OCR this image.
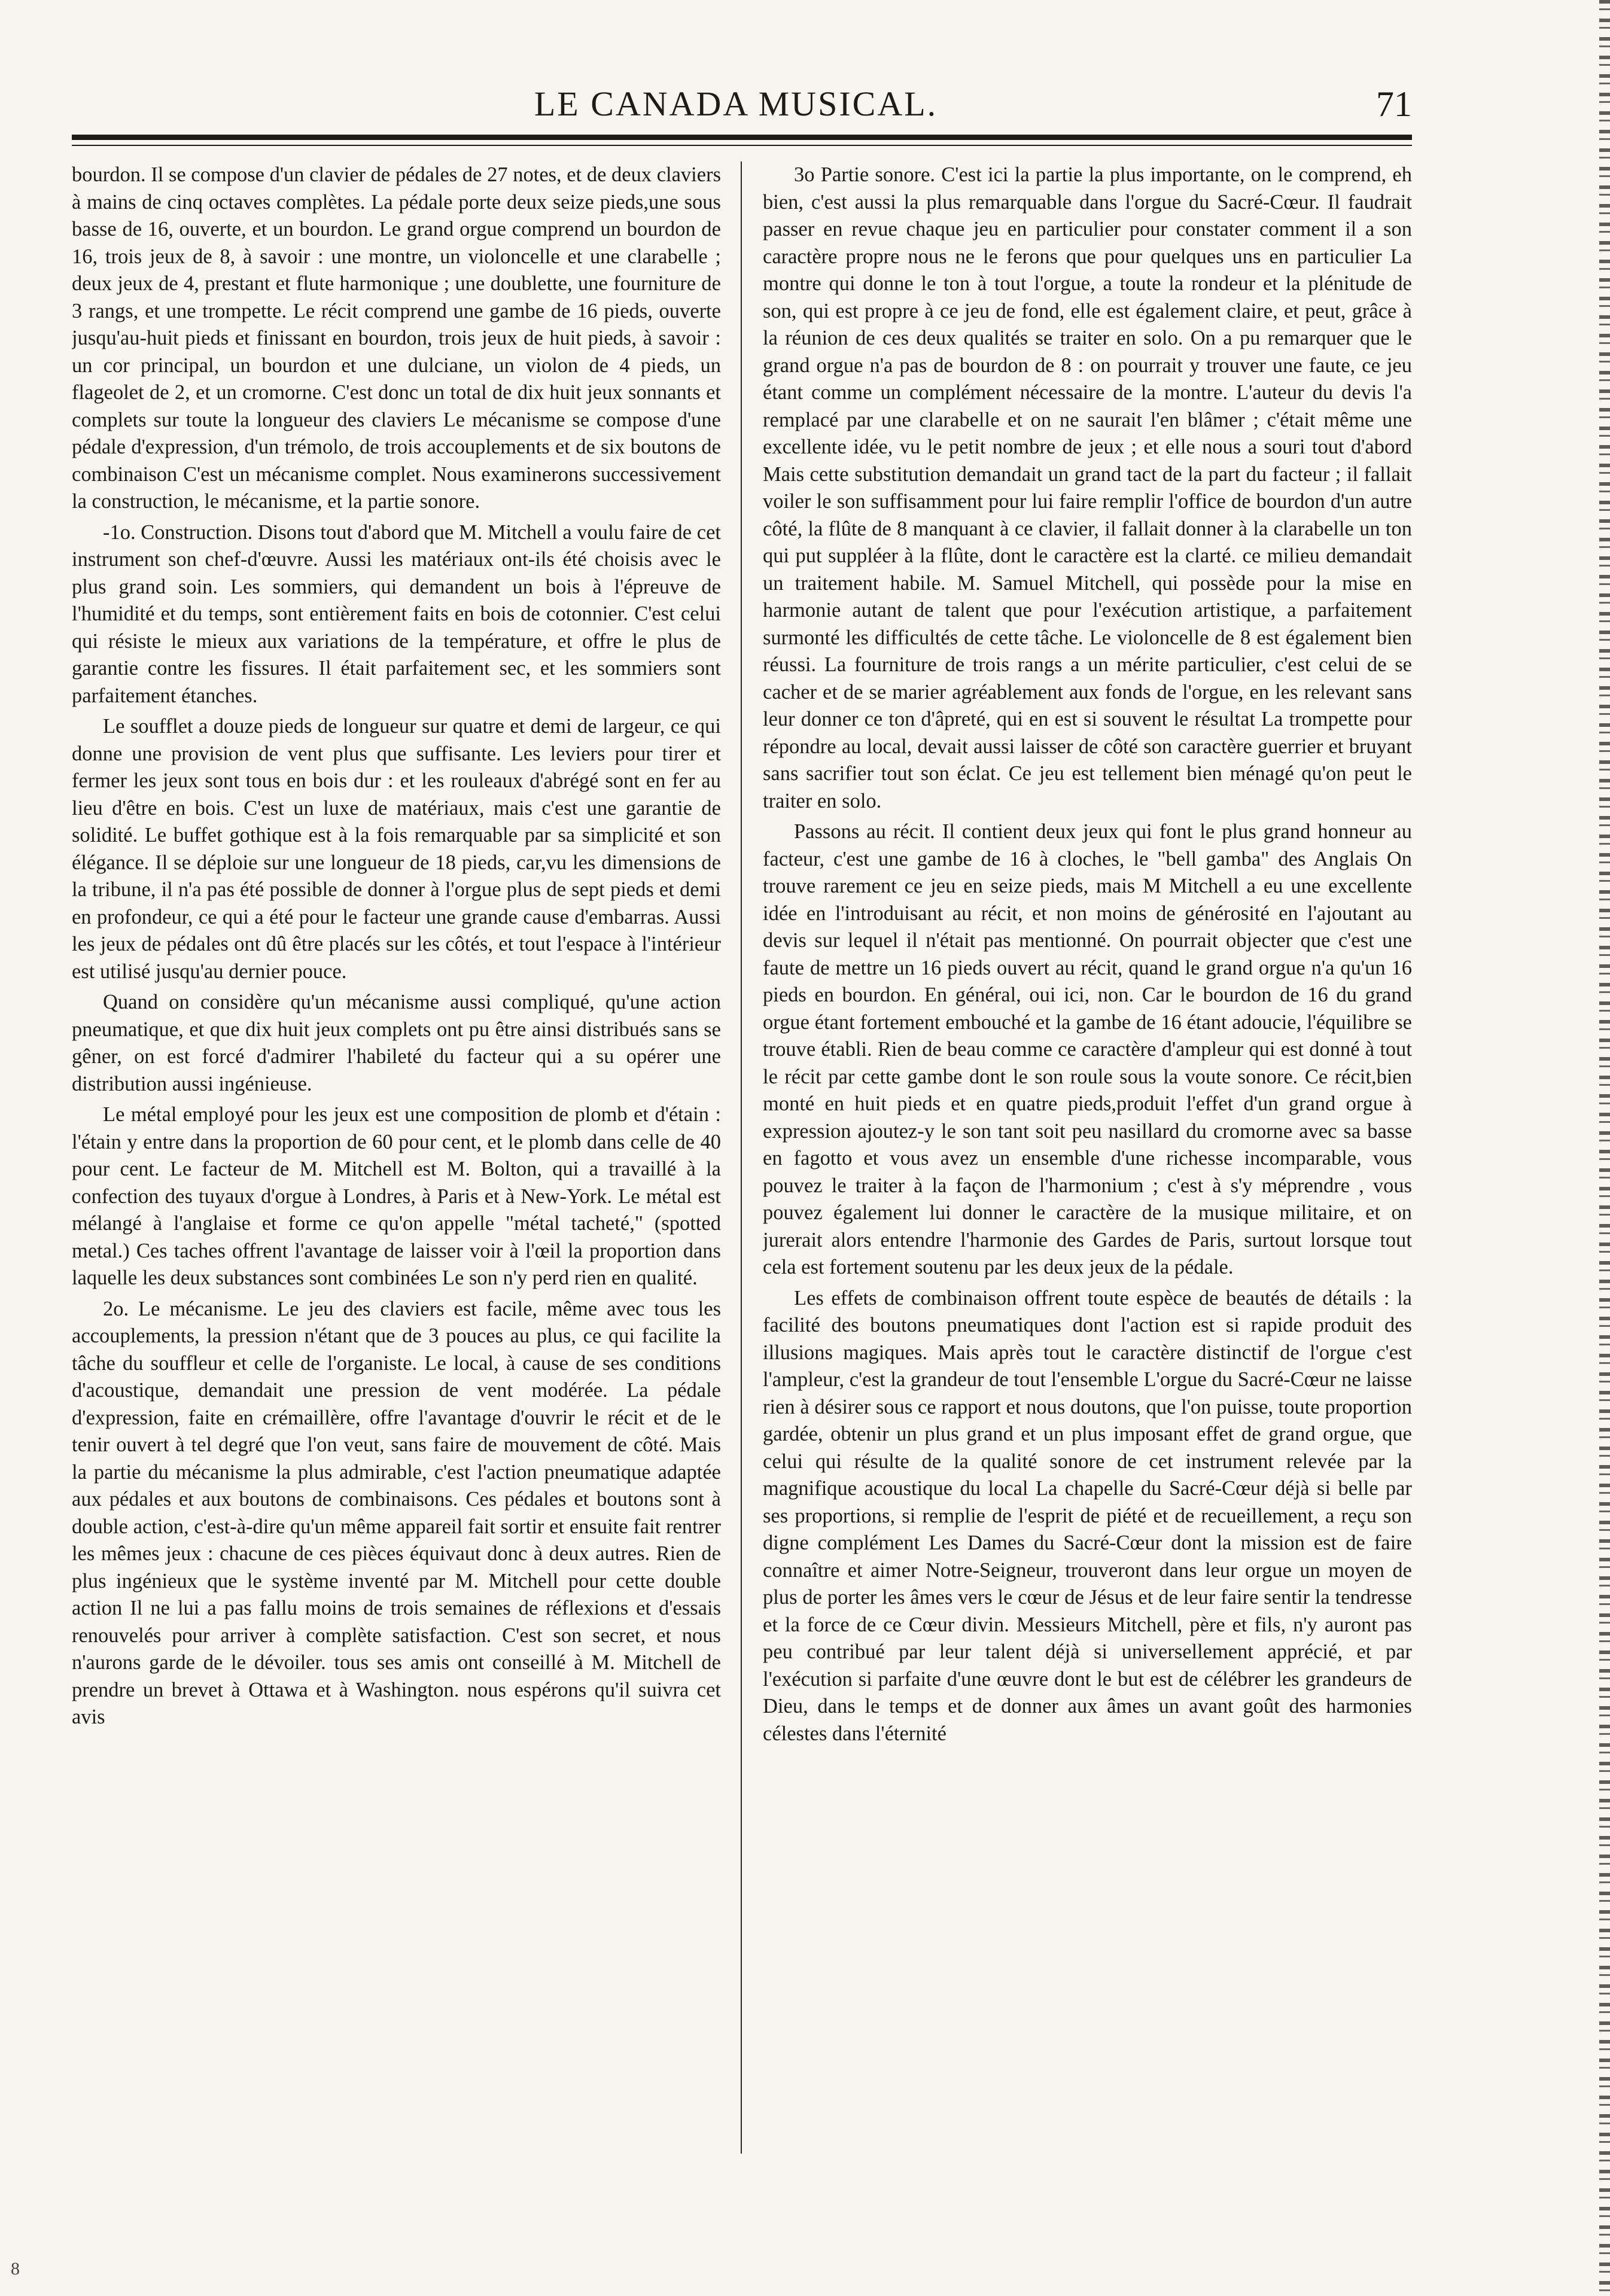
LE CANADA MUSICAL.	71

bourdon. Il se compose d'un clavier de pédales de 27 notes, et de deux claviers à mains de cinq octaves complètes. La pédale porte deux seize pieds,une sous basse de 16, ouverte, et un bourdon. Le grand orgue comprend un bourdon de 16, trois jeux de 8, à savoir : une montre, un violoncelle et une clarabelle ; deux jeux de 4, prestant et flute harmonique ; une doublette, une fourniture de 3 rangs, et une trompette. Le récit comprend une gambe de 16 pieds, ouverte jusqu'au-huit pieds et finissant en bourdon, trois jeux de huit pieds, à savoir : un cor principal, un bourdon et une dulciane, un violon de 4 pieds, un flageolet de 2, et un cromorne. C'est donc un total de dix huit jeux sonnants et complets sur toute la longueur des claviers Le mécanisme se compose d'une pédale d'expression, d'un trémolo, de trois accouplements et de six boutons de combinaison C'est un mécanisme complet. Nous examinerons successivement la construction, le mécanisme, et la partie sonore.

-1o. Construction. Disons tout d'abord que M. Mitchell a voulu faire de cet instrument son chef-d'œuvre. Aussi les matériaux ont-ils été choisis avec le plus grand soin. Les sommiers, qui demandent un bois à l'épreuve de l'humidité et du temps, sont entièrement faits en bois de cotonnier. C'est celui qui résiste le mieux aux variations de la température, et offre le plus de garantie contre les fissures. Il était parfaitement sec, et les sommiers sont parfaitement étanches.

Le soufflet a douze pieds de longueur sur quatre et demi de largeur, ce qui donne une provision de vent plus que suffisante. Les leviers pour tirer et fermer les jeux sont tous en bois dur : et les rouleaux d'abrégé sont en fer au lieu d'être en bois. C'est un luxe de matériaux, mais c'est une garantie de solidité. Le buffet gothique est à la fois remarquable par sa simplicité et son élégance. Il se déploie sur une longueur de 18 pieds, car,vu les dimensions de la tribune, il n'a pas été possible de donner à l'orgue plus de sept pieds et demi en profondeur, ce qui a été pour le facteur une grande cause d'embarras. Aussi les jeux de pédales ont dû être placés sur les côtés, et tout l'espace à l'intérieur est utilisé jusqu'au dernier pouce.

Quand on considère qu'un mécanisme aussi compliqué, qu'une action pneumatique, et que dix huit jeux complets ont pu être ainsi distribués sans se gêner, on est forcé d'admirer l'habileté du facteur qui a su opérer une distribution aussi ingénieuse.

Le métal employé pour les jeux est une composition de plomb et d'étain : l'étain y entre dans la proportion de 60 pour cent, et le plomb dans celle de 40 pour cent. Le facteur de M. Mitchell est M. Bolton, qui a travaillé à la confection des tuyaux d'orgue à Londres, à Paris et à New-York. Le métal est mélangé à l'anglaise et forme ce qu'on appelle "métal tacheté," (spotted metal.) Ces taches offrent l'avantage de laisser voir à l'œil la proportion dans laquelle les deux substances sont combinées Le son n'y perd rien en qualité.

2o. Le mécanisme. Le jeu des claviers est facile, même avec tous les accouplements, la pression n'étant que de 3 pouces au plus, ce qui facilite la tâche du souffleur et celle de l'organiste. Le local, à cause de ses conditions d'acoustique, demandait une pression de vent modérée. La pédale d'expression, faite en crémaillère, offre l'avantage d'ouvrir le récit et de le tenir ouvert à tel degré que l'on veut, sans faire de mouvement de côté. Mais la partie du mécanisme la plus admirable, c'est l'action pneumatique adaptée aux pédales et aux boutons de combinaisons. Ces pédales et boutons sont à double action, c'est-à-dire qu'un même appareil fait sortir et ensuite fait rentrer les mêmes jeux : chacune de ces pièces équivaut donc à deux autres. Rien de plus ingénieux que le système inventé par M. Mitchell pour cette double action Il ne lui a pas fallu moins de trois semaines de réflexions et d'essais renouvelés pour arriver à complète satisfaction. C'est son secret, et nous n'aurons garde de le dévoiler. tous ses amis ont conseillé à M. Mitchell de prendre un brevet à Ottawa et à Washington. nous espérons qu'il suivra cet avis

3o Partie sonore. C'est ici la partie la plus importante, on le comprend, eh bien, c'est aussi la plus remarquable dans l'orgue du Sacré-Cœur. Il faudrait passer en revue chaque jeu en particulier pour constater comment il a son caractère propre nous ne le ferons que pour quelques uns en particulier La montre qui donne le ton à tout l'orgue, a toute la rondeur et la plénitude de son, qui est propre à ce jeu de fond, elle est également claire, et peut, grâce à la réunion de ces deux qualités se traiter en solo. On a pu remarquer que le grand orgue n'a pas de bourdon de 8 : on pourrait y trouver une faute, ce jeu étant comme un complément nécessaire de la montre. L'auteur du devis l'a remplacé par une clarabelle et on ne saurait l'en blâmer ; c'était même une excellente idée, vu le petit nombre de jeux ; et elle nous a souri tout d'abord Mais cette substitution demandait un grand tact de la part du facteur ; il fallait voiler le son suffisamment pour lui faire remplir l'office de bourdon d'un autre côté, la flûte de 8 manquant à ce clavier, il fallait donner à la clarabelle un ton qui put suppléer à la flûte, dont le caractère est la clarté. ce milieu demandait un traitement habile. M. Samuel Mitchell, qui possède pour la mise en harmonie autant de talent que pour l'exécution artistique, a parfaitement surmonté les difficultés de cette tâche. Le violoncelle de 8 est également bien réussi. La fourniture de trois rangs a un mérite particulier, c'est celui de se cacher et de se marier agréablement aux fonds de l'orgue, en les relevant sans leur donner ce ton d'âpreté, qui en est si souvent le résultat La trompette pour répondre au local, devait aussi laisser de côté son caractère guerrier et bruyant sans sacrifier tout son éclat. Ce jeu est tellement bien ménagé qu'on peut le traiter en solo.

Passons au récit. Il contient deux jeux qui font le plus grand honneur au facteur, c'est une gambe de 16 à cloches, le "bell gamba" des Anglais On trouve rarement ce jeu en seize pieds, mais M Mitchell a eu une excellente idée en l'introduisant au récit, et non moins de générosité en l'ajoutant au devis sur lequel il n'était pas mentionné. On pourrait objecter que c'est une faute de mettre un 16 pieds ouvert au récit, quand le grand orgue n'a qu'un 16 pieds en bourdon. En général, oui ici, non. Car le bourdon de 16 du grand orgue étant fortement embouché et la gambe de 16 étant adoucie, l'équilibre se trouve établi. Rien de beau comme ce caractère d'ampleur qui est donné à tout le récit par cette gambe dont le son roule sous la voute sonore. Ce récit,bien monté en huit pieds et en quatre pieds,produit l'effet d'un grand orgue à expression ajoutez-y le son tant soit peu nasillard du cromorne avec sa basse en fagotto et vous avez un ensemble d'une richesse incomparable, vous pouvez le traiter à la façon de l'harmonium ; c'est à s'y méprendre , vous pouvez également lui donner le caractère de la musique militaire, et on jurerait alors entendre l'harmonie des Gardes de Paris, surtout lorsque tout cela est fortement soutenu par les deux jeux de la pédale.

Les effets de combinaison offrent toute espèce de beautés de détails : la facilité des boutons pneumatiques dont l'action est si rapide produit des illusions magiques. Mais après tout le caractère distinctif de l'orgue c'est l'ampleur, c'est la grandeur de tout l'ensemble L'orgue du Sacré-Cœur ne laisse rien à désirer sous ce rapport et nous doutons, que l'on puisse, toute proportion gardée, obtenir un plus grand et un plus imposant effet de grand orgue, que celui qui résulte de la qualité sonore de cet instrument relevée par la magnifique acoustique du local La chapelle du Sacré-Cœur déjà si belle par ses proportions, si remplie de l'esprit de piété et de recueillement, a reçu son digne complément Les Dames du Sacré-Cœur dont la mission est de faire connaître et aimer Notre-Seigneur, trouveront dans leur orgue un moyen de plus de porter les âmes vers le cœur de Jésus et de leur faire sentir la tendresse et la force de ce Cœur divin. Messieurs Mitchell, père et fils, n'y auront pas peu contribué par leur talent déjà si universellement apprécié, et par l'exécution si parfaite d'une œuvre dont le but est de célébrer les grandeurs de Dieu, dans le temps et de donner aux âmes un avant goût des harmonies célestes dans l'éternité

8
